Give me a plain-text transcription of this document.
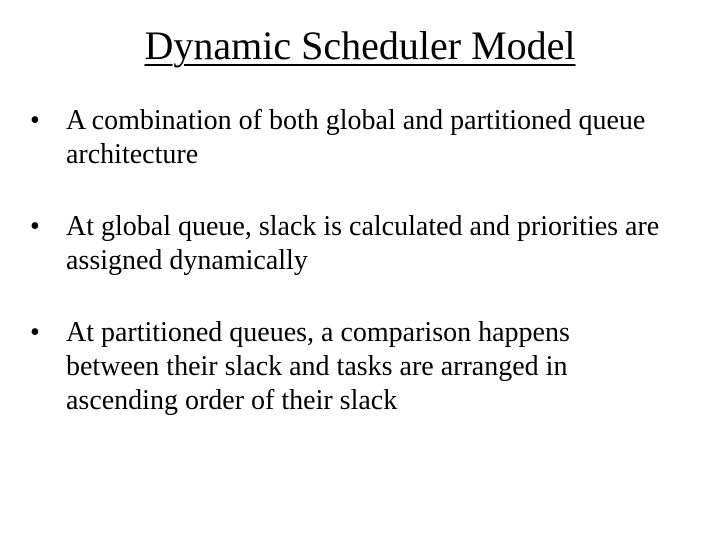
Dynamic Scheduler Model
• A combination of both global and partitioned queue architecture
• At global queue, slack is calculated and priorities are assigned dynamically
• At partitioned queues, a comparison happens between their slack and tasks are arranged in ascending order of their slack
